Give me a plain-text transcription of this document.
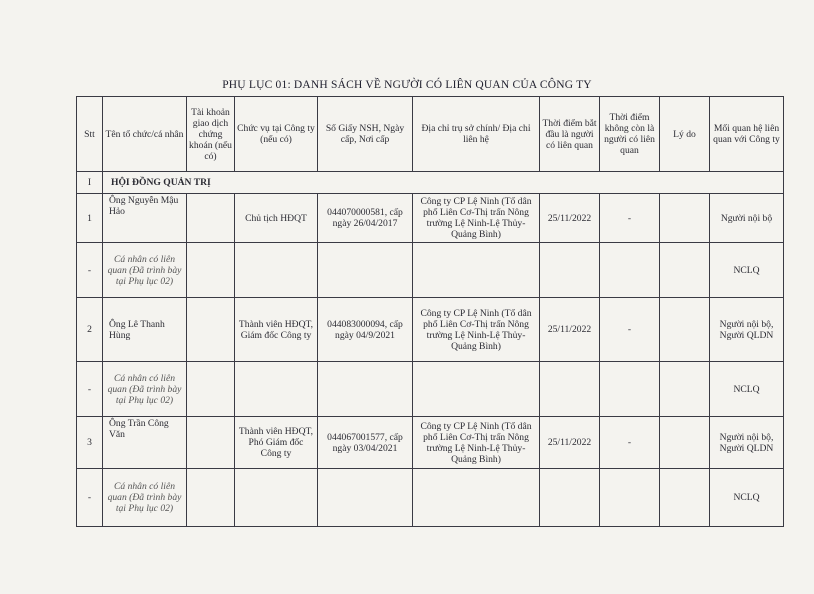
PHỤ LỤC 01: DANH SÁCH VỀ NGƯỜI CÓ LIÊN QUAN CỦA CÔNG TY
Stt	Tên tổ chức/cá nhân	Tài khoản giao dịch chứng khoán (nếu có)	Chức vụ tại Công ty (nếu có)	Số Giấy NSH, Ngày cấp, Nơi cấp	Địa chỉ trụ sở chính/ Địa chỉ liên hệ	Thời điểm bắt đầu là người có liên quan	Thời điểm không còn là người có liên quan	Lý do	Mối quan hệ liên quan với Công ty
I	HỘI ĐỒNG QUẢN TRỊ								
1	Ông Nguyễn Mậu Hảo		Chủ tịch HĐQT	044070000581, cấp ngày 26/04/2017	Công ty CP Lệ Ninh (Tổ dân phố Liên Cơ-Thị trấn Nông trường Lệ Ninh-Lệ Thủy-Quảng Bình)	25/11/2022	-		Người nội bộ
-	Cá nhân có liên quan (Đã trình bày tại Phụ lục 02)								NCLQ
2	Ông Lê Thanh Hùng		Thành viên HĐQT, Giám đốc Công ty	044083000094, cấp ngày 04/9/2021	Công ty CP Lệ Ninh (Tổ dân phố Liên Cơ-Thị trấn Nông trường Lệ Ninh-Lệ Thủy-Quảng Bình)	25/11/2022	-		Người nội bộ, Người QLDN
-	Cá nhân có liên quan (Đã trình bày tại Phụ lục 02)								NCLQ
3	Ông Trần Công Văn		Thành viên HĐQT, Phó Giám đốc Công ty	044067001577, cấp ngày 03/04/2021	Công ty CP Lệ Ninh (Tổ dân phố Liên Cơ-Thị trấn Nông trường Lệ Ninh-Lệ Thủy-Quảng Bình)	25/11/2022	-		Người nội bộ, Người QLDN
-	Cá nhân có liên quan (Đã trình bày tại Phụ lục 02)								NCLQ
